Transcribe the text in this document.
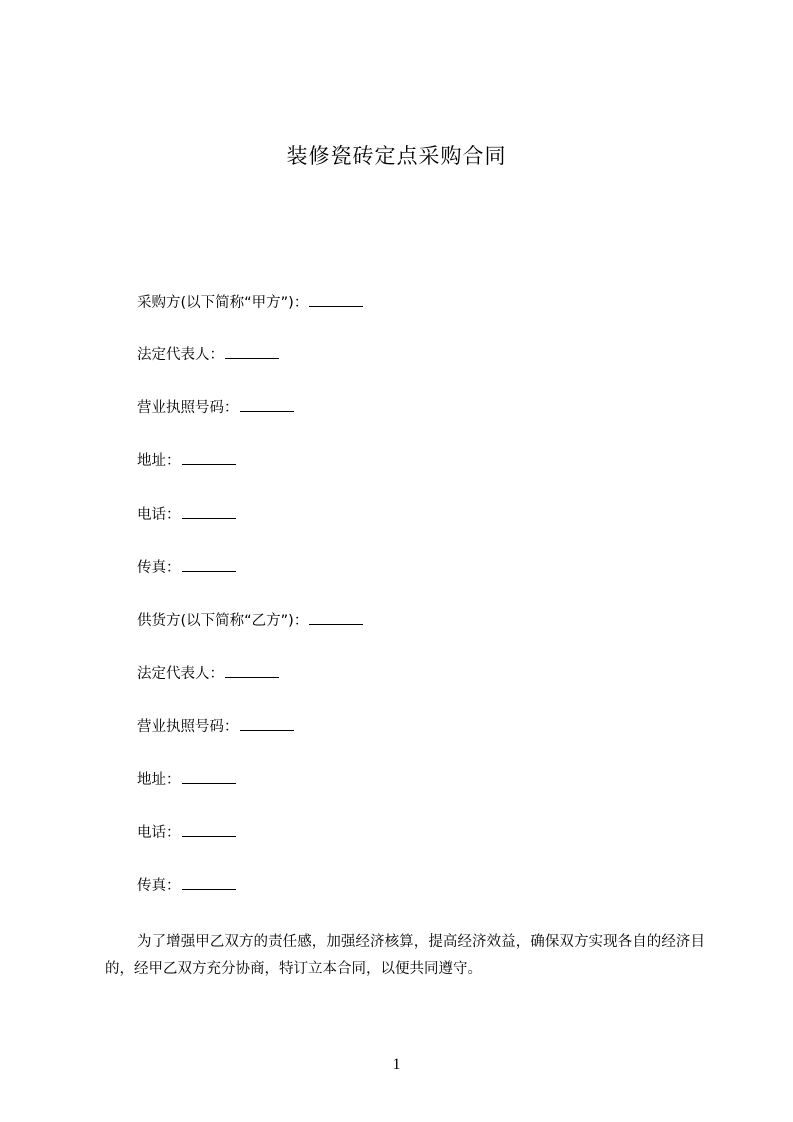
装修瓷砖定点采购合同
采购方(以下简称“甲方”)：
法定代表人：
营业执照号码：
地址：
电话：
传真：
供货方(以下简称“乙方”)：
法定代表人：
营业执照号码：
地址：
电话：
传真：
为了增强甲乙双方的责任感，加强经济核算，提高经济效益，确保双方实现各自的经济目的，经甲乙双方充分协商，特订立本合同，以便共同遵守。
1
